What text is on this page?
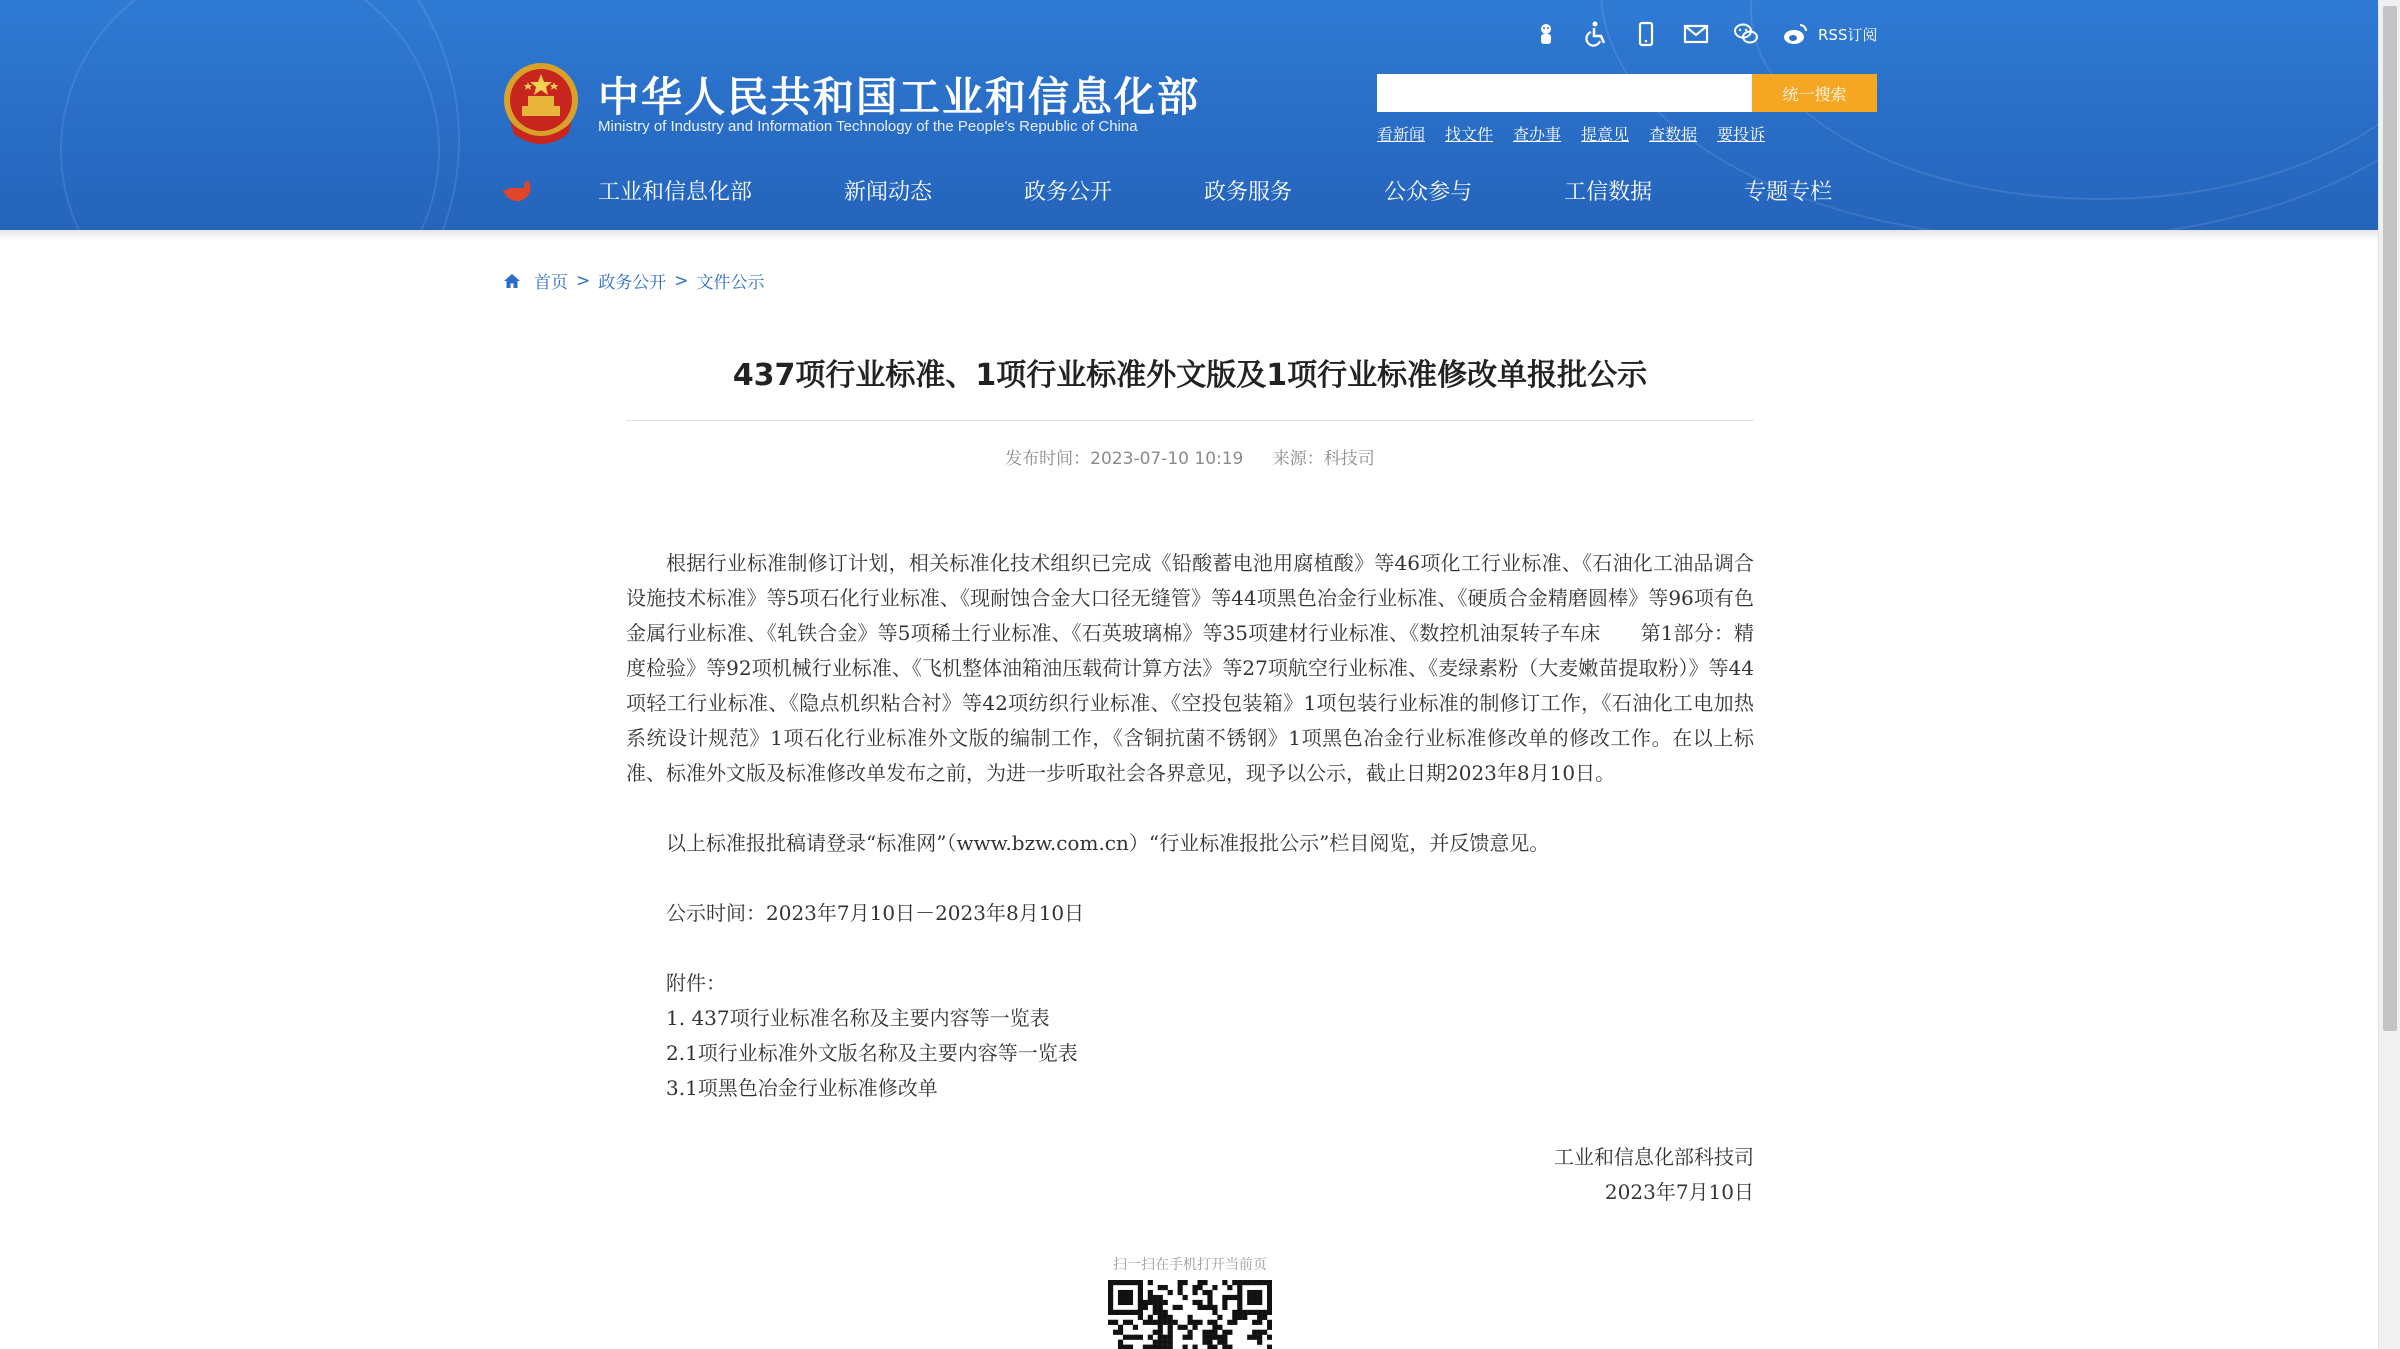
RSS订阅
中华人民共和国工业和信息化部
Ministry of Industry and Information Technology of the People's Republic of China
统一搜索
看新闻 找文件 查办事 提意见 查数据 要投诉
工业和信息化部	新闻动态	政务公开	政务服务	公众参与	工信数据	专题专栏
首页 > 政务公开 > 文件公示
437项行业标准、1项行业标准外文版及1项行业标准修改单报批公示
发布时间：2023-07-10 10:19 来源：科技司

根据行业标准制修订计划，相关标准化技术组织已完成《铅酸蓄电池用腐植酸》等46项化工行业标准、《石油化工油品调合设施技术标准》等5项石化行业标准、《现耐蚀合金大口径无缝管》等44项黑色冶金行业标准、《硬质合金精磨圆棒》等96项有色金属行业标准、《轧铁合金》等5项稀土行业标准、《石英玻璃棉》等35项建材行业标准、《数控机油泵转子车床　　第1部分：精度检验》等92项机械行业标准、《飞机整体油箱油压载荷计算方法》等27项航空行业标准、《麦绿素粉（大麦嫩苗提取粉）》等44项轻工行业标准、《隐点机织粘合衬》等42项纺织行业标准、《空投包装箱》1项包装行业标准的制修订工作，《石油化工电加热系统设计规范》1项石化行业标准外文版的编制工作，《含铜抗菌不锈钢》1项黑色冶金行业标准修改单的修改工作。在以上标准、标准外文版及标准修改单发布之前，为进一步听取社会各界意见，现予以公示，截止日期2023年8月10日。

以上标准报批稿请登录“标准网”（www.bzw.com.cn）“行业标准报批公示”栏目阅览，并反馈意见。

公示时间：2023年7月10日－2023年8月10日

附件：
1. 437项行业标准名称及主要内容等一览表
2.1项行业标准外文版名称及主要内容等一览表
3.1项黑色冶金行业标准修改单
工业和信息化部科技司
2023年7月10日
扫一扫在手机打开当前页
